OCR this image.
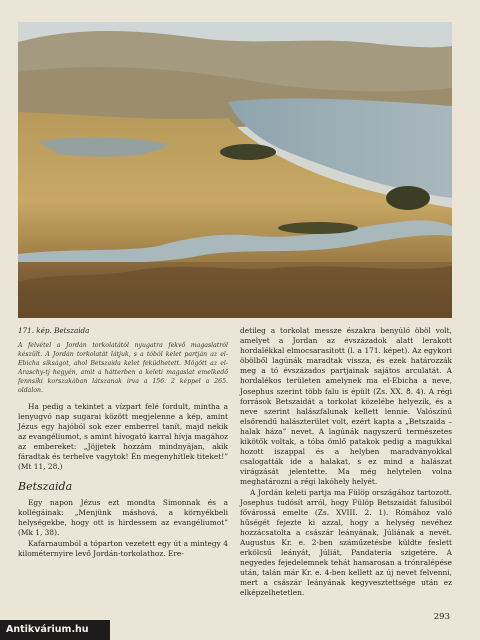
171. kép. Betszaida

A felvétel a Jordán torkolatától nyugatra fekvő magaslatról készült. A Jordán torkolatát látjuk, s a tóból kelet partján az el-Ebicha síkságot, ahol Betszaida kelet feküdhetett. Mögött az el-Araschy-tj hegyén, amit a hátterben a keleti magaslat emelkedő fennsíki korszakában látszanak írva a 156. 2 képpel a 265. oldalon.

Ha pedig a tekintet a vízpart felé fordult, mintha a lenyugvó nap sugarai között megjelenne a kép, amint Jézus egy hajóból sok ezer emberrel tanít, majd nekik az evangéliumot, s amint hívogató karral hívja magához az embereket: „Jöjjetek hozzám mindnyájan, akik fáradtak és terhelve vagytok! Én megenyhítlek titeket!” (Mt 11, 28.)

Betszaida

Egy napon Jézus ezt mondta Simonnak és a kollégáinak: „Menjünk máshová, a környékbeli helységekbe, hogy ott is hirdessem az evangéliumot” (Mk 1, 38).

Kafarnaumból a tóparton vezetett egy út a mintegy 4 kilométernyire levő Jordán-torkolathoz. Ere-

detileg a torkolat messze északra benyúló öböl volt, amelyet a Jordan az évszázadok alatt lerakott hordalékkal elmocsarasított (l. a 171. képet). Az egykori öbölből lagúnák maradtak vissza, és ezek határozzák meg a tó évszázados partjainak sajátos arculatát. A hordalékos területen amelynek ma el-Ebicha a neve, Josephus szerint több falu is épült (Zs. XX. 8. 4). A régi források Betszaidát a torkolat közelébe helyezik, és a neve szerint halászfalunak kellett lennie. Valószínű elsőrendű halászterület volt, ezért kapta a „Betszaida – halak háza” nevet. A lagúnák nagyszerű természetes kikötők voltak, a tóba ömlő patakok pedig a magukkal hozott iszappal és a helyben maradványokkal csalogatták ide a halakat, s ez mind a halászat virágzását jelentette. Ma még helytelen volna meghatározni a régi lakóhely helyét.

A Jordán keleti partja ma Fülöp országához tartozott. Josephus tudósít arról, hogy Fülöp Betszaidát falusiból fővárossá emelte (Zs. XVIII. 2. 1). Rómához való hűségét fejezte ki azzal, hogy a helység nevéhez hozzácsatolta a császár leányának, Júliának a nevét. Augustus Kr. e. 2-ben száműzetésbe küldte feslett erkölcsű leányát, Júliát, Pandateria szigetére. A negyedes fejedelemnek tehát hamarosan a trónralépése után, talán már Kr. e. 4-ben kellett az új nevet felvenni, mert a császár leányának kegyvesztettsége után ez elképzelhetetlen.

293
Antikvárium.hu
